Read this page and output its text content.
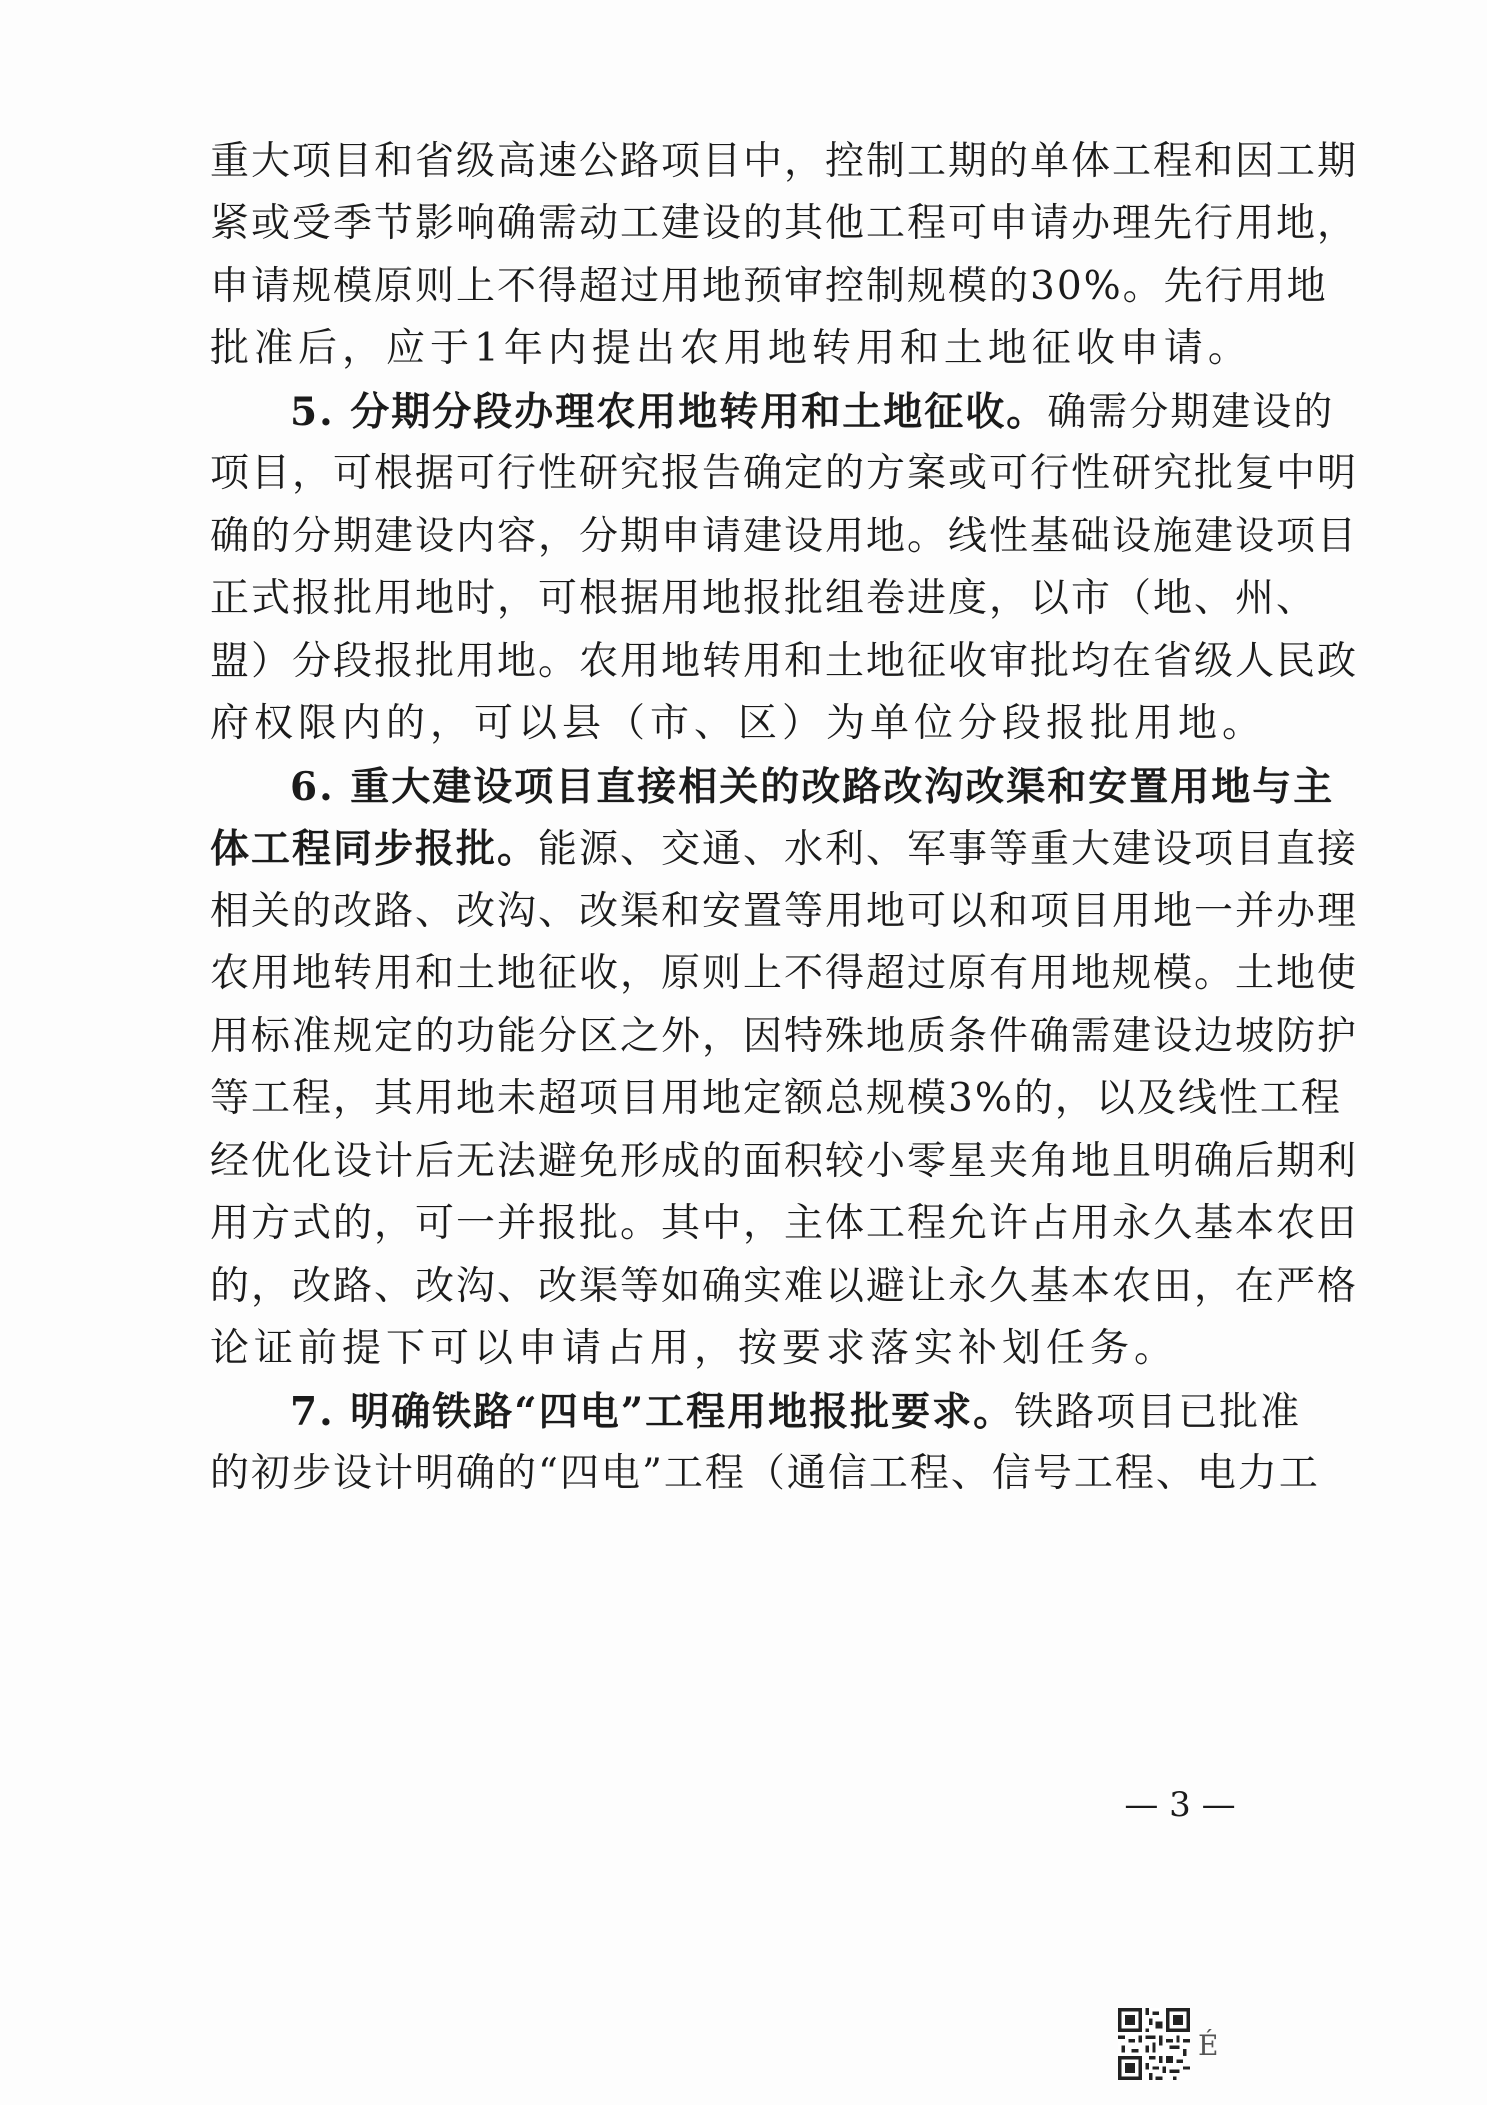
重大项目和省级高速公路项目中，控制工期的单体工程和因工期
紧或受季节影响确需动工建设的其他工程可申请办理先行用地，
申请规模原则上不得超过用地预审控制规模的30%。先行用地
批准后，应于1年内提出农用地转用和土地征收申请。
5. 分期分段办理农用地转用和土地征收。确需分期建设的
项目，可根据可行性研究报告确定的方案或可行性研究批复中明
确的分期建设内容，分期申请建设用地。线性基础设施建设项目
正式报批用地时，可根据用地报批组卷进度，以市（地、州、
盟）分段报批用地。农用地转用和土地征收审批均在省级人民政
府权限内的，可以县（市、区）为单位分段报批用地。
6. 重大建设项目直接相关的改路改沟改渠和安置用地与主
体工程同步报批。能源、交通、水利、军事等重大建设项目直接
相关的改路、改沟、改渠和安置等用地可以和项目用地一并办理
农用地转用和土地征收，原则上不得超过原有用地规模。土地使
用标准规定的功能分区之外，因特殊地质条件确需建设边坡防护
等工程，其用地未超项目用地定额总规模3%的，以及线性工程
经优化设计后无法避免形成的面积较小零星夹角地且明确后期利
用方式的，可一并报批。其中，主体工程允许占用永久基本农田
的，改路、改沟、改渠等如确实难以避让永久基本农田，在严格
论证前提下可以申请占用，按要求落实补划任务。
7. 明确铁路“四电”工程用地报批要求。铁路项目已批准
的初步设计明确的“四电”工程（通信工程、信号工程、电力工
— 3 —
É
